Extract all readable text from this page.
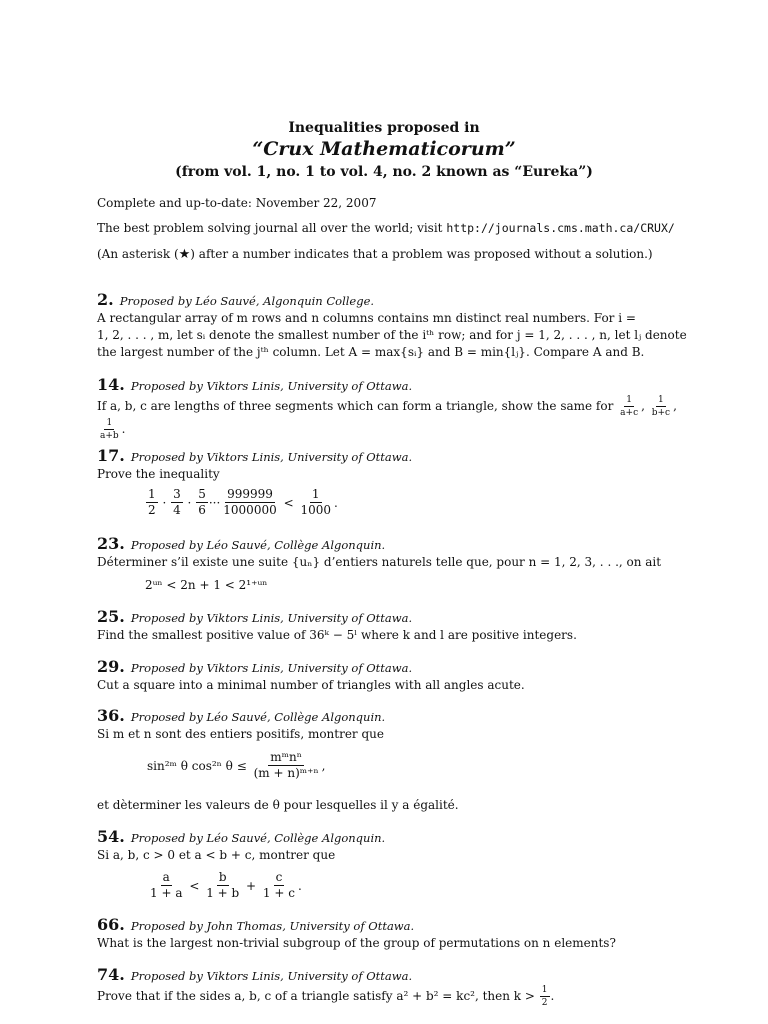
Inequalities proposed in
“Crux Mathematicorum”
(from vol. 1, no. 1 to vol. 4, no. 2 known as “Eureka”)
Complete and up-to-date: November 22, 2007
The best problem solving journal all over the world; visit http://journals.cms.math.ca/CRUX/
(An asterisk (★) after a number indicates that a problem was proposed without a solution.)
2. Proposed by Léo Sauvé, Algonquin College.
A rectangular array of m rows and n columns contains mn distinct real numbers. For i =
1, 2, . . . , m, let sᵢ denote the smallest number of the iᵗʰ row; and for j = 1, 2, . . . , n, let lⱼ denote
the largest number of the jᵗʰ column. Let A = max{sᵢ} and B = min{lⱼ}. Compare A and B.
14. Proposed by Viktors Linis, University of Ottawa.
If a, b, c are lengths of three segments which can form a triangle, show the same for $\frac{1}{a+c}$ , $\frac{1}{b+c}$ ,
$\frac{1}{a+b}$ .
17. Proposed by Viktors Linis, University of Ottawa.
Prove the inequality
$\frac{1}{2} \cdot \frac{3}{4} \cdot \frac{5}{6}$ ··· $\frac{999999}{1000000}$
<
$\frac{1}{1000}$ .
23. Proposed by Léo Sauvé, Collège Algonquin.
Déterminer s’il existe une suite {uₙ} d’entiers naturels telle que, pour n = 1, 2, 3, . . ., on ait
2ᵘⁿ < 2n + 1 < 2¹⁺ᵘⁿ
25. Proposed by Viktors Linis, University of Ottawa.
Find the smallest positive value of 36ᵏ − 5ˡ where k and l are positive integers.
29. Proposed by Viktors Linis, University of Ottawa.
Cut a square into a minimal number of triangles with all angles acute.
36. Proposed by Léo Sauvé, Collège Algonquin.
Si m et n sont des entiers positifs, montrer que
sin²ᵐ θ cos²ⁿ θ ≤
$\frac{\text{mᵐnⁿ}}{\text{(m + n)ᵐ⁺ⁿ}}$ ,
et dèterminer les valeurs de θ pour lesquelles il y a égalité.
54. Proposed by Léo Sauvé, Collège Algonquin.
Si a, b, c > 0 et a < b + c, montrer que
$\frac{a}{1 + a}$
<
$\frac{b}{1 + b}$
+
$\frac{c}{1 + c}$ .
66. Proposed by John Thomas, University of Ottawa.
What is the largest non-trivial subgroup of the group of permutations on n elements?
74. Proposed by Viktors Linis, University of Ottawa.
Prove that if the sides a, b, c of a triangle satisfy a² + b² = kc², then $k > \frac{1}{2}$ .
